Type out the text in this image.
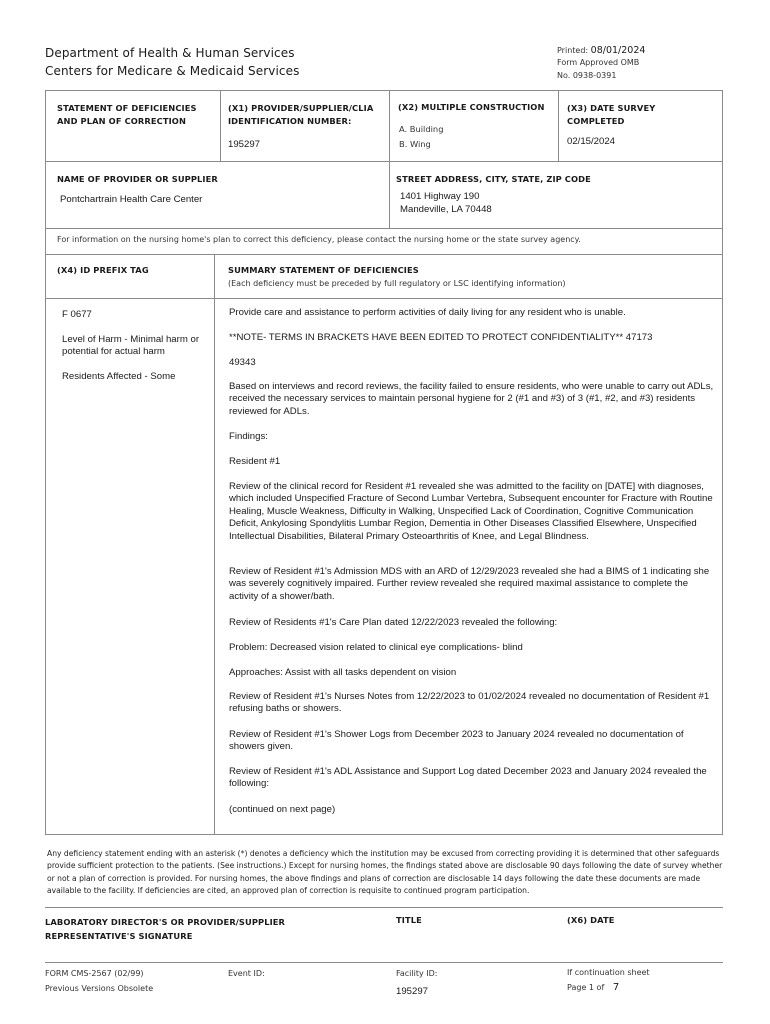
Department of Health & Human Services
Centers for Medicare & Medicaid Services
Printed: 08/01/2024
Form Approved OMB
No. 0938-0391
STATEMENT OF DEFICIENCIES AND PLAN OF CORRECTION
(X1) PROVIDER/SUPPLIER/CLIA IDENTIFICATION NUMBER:
195297
(X2) MULTIPLE CONSTRUCTION
A. Building
B. Wing
(X3) DATE SURVEY COMPLETED
02/15/2024
NAME OF PROVIDER OR SUPPLIER
Pontchartrain Health Care Center
STREET ADDRESS, CITY, STATE, ZIP CODE
1401 Highway 190
Mandeville, LA 70448
For information on the nursing home's plan to correct this deficiency, please contact the nursing home or the state survey agency.
(X4) ID PREFIX TAG	SUMMARY STATEMENT OF DEFICIENCIES
(Each deficiency must be preceded by full regulatory or LSC identifying information)
F 0677
Level of Harm - Minimal harm or potential for actual harm
Residents Affected - Some
Provide care and assistance to perform activities of daily living for any resident who is unable.
**NOTE- TERMS IN BRACKETS HAVE BEEN EDITED TO PROTECT CONFIDENTIALITY** 47173
49343
Based on interviews and record reviews, the facility failed to ensure residents, who were unable to carry out ADLs, received the necessary services to maintain personal hygiene for 2 (#1 and #3) of 3 (#1, #2, and #3) residents reviewed for ADLs.
Findings:
Resident #1
Review of the clinical record for Resident #1 revealed she was admitted to the facility on [DATE] with diagnoses, which included Unspecified Fracture of Second Lumbar Vertebra, Subsequent encounter for Fracture with Routine Healing, Muscle Weakness, Difficulty in Walking, Unspecified Lack of Coordination, Cognitive Communication Deficit, Ankylosing Spondylitis Lumbar Region, Dementia in Other Diseases Classified Elsewhere, Unspecified Intellectual Disabilities, Bilateral Primary Osteoarthritis of Knee, and Legal Blindness.
Review of Resident #1's Admission MDS with an ARD of 12/29/2023 revealed she had a BIMS of 1 indicating she was severely cognitively impaired. Further review revealed she required maximal assistance to complete the activity of a shower/bath.
Review of Residents #1's Care Plan dated 12/22/2023 revealed the following:
Problem: Decreased vision related to clinical eye complications- blind
Approaches: Assist with all tasks dependent on vision
Review of Resident #1's Nurses Notes from 12/22/2023 to 01/02/2024 revealed no documentation of Resident #1 refusing baths or showers.
Review of Resident #1's Shower Logs from December 2023 to January 2024 revealed no documentation of showers given.
Review of Resident #1's ADL Assistance and Support Log dated December 2023 and January 2024 revealed the following:
(continued on next page)
Any deficiency statement ending with an asterisk (*) denotes a deficiency which the institution may be excused from correcting providing it is determined that other safeguards provide sufficient protection to the patients. (See instructions.) Except for nursing homes, the findings stated above are disclosable 90 days following the date of survey whether or not a plan of correction is provided. For nursing homes, the above findings and plans of correction are disclosable 14 days following the date these documents are made available to the facility. If deficiencies are cited, an approved plan of correction is requisite to continued program participation.
LABORATORY DIRECTOR'S OR PROVIDER/SUPPLIER REPRESENTATIVE'S SIGNATURE
TITLE	(X6) DATE
FORM CMS-2567 (02/99)
Previous Versions Obsolete
Event ID:	Facility ID:
195297
If continuation sheet
Page 1 of 7
